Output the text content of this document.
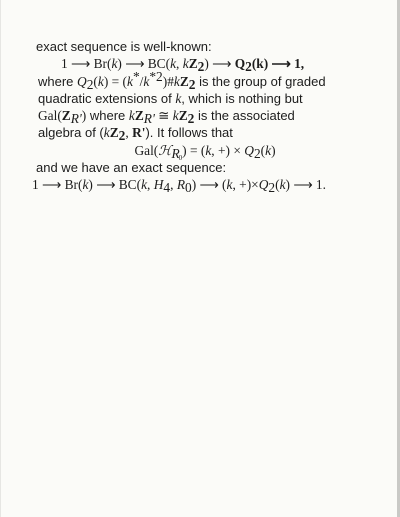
exact sequence is well-known:
1 ⟶ Br(k) ⟶ BC(k, $kZ_2$) ⟶ $Q_2(k)$ ⟶ 1,
where $Q_2(k)$ = $(k^*/k^{*2})\#kZ_2$ is the group of graded
quadratic extensions of k, which is nothing but
$Gal(Z_{R'})$ where $kZ_{R'}$ ≅ $kZ_2$ is the associated
algebra of ($kZ_2$, R'). It follows that
Gal(ℋ$_{R0}$) = (k, +) × $Q_2(k)$
and we have an exact sequence:
1 ⟶ Br(k) ⟶ BC(k, $H_4$, $R_0$) ⟶ (k, $+)\times Q_2(k)$ ⟶ 1.
